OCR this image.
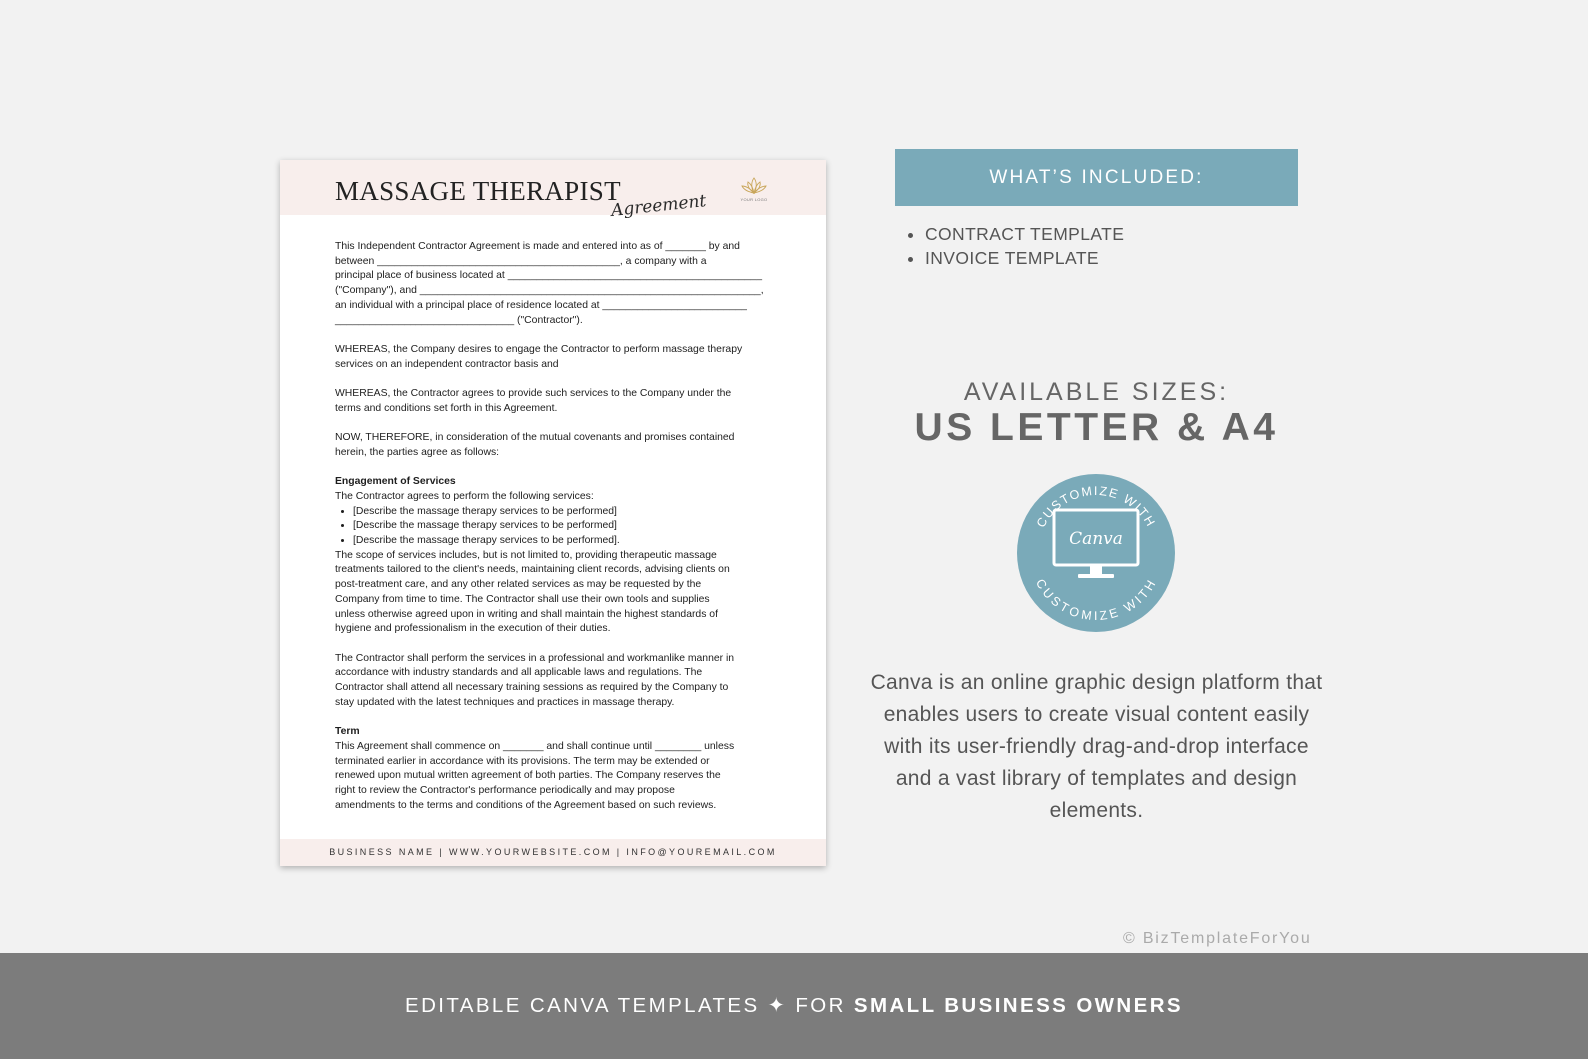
MASSAGE THERAPIST
Agreement	YOUR LOGO

This Independent Contractor Agreement is made and entered into as of _______ by and
between __________________________________________, a company with a
principal place of business located at ____________________________________________
("Company"), and ___________________________________________________________,
an individual with a principal place of residence located at _________________________
_______________________________ ("Contractor").

WHEREAS, the Company desires to engage the Contractor to perform massage therapy
services on an independent contractor basis and

WHEREAS, the Contractor agrees to provide such services to the Company under the
terms and conditions set forth in this Agreement.

NOW, THEREFORE, in consideration of the mutual covenants and promises contained
herein, the parties agree as follows:

Engagement of Services
The Contractor agrees to perform the following services:
• [Describe the massage therapy services to be performed]
• [Describe the massage therapy services to be performed]
• [Describe the massage therapy services to be performed].

The scope of services includes, but is not limited to, providing therapeutic massage
treatments tailored to the client's needs, maintaining client records, advising clients on
post-treatment care, and any other related services as may be requested by the
Company from time to time. The Contractor shall use their own tools and supplies
unless otherwise agreed upon in writing and shall maintain the highest standards of
hygiene and professionalism in the execution of their duties.

The Contractor shall perform the services in a professional and workmanlike manner in
accordance with industry standards and all applicable laws and regulations. The
Contractor shall attend all necessary training sessions as required by the Company to
stay updated with the latest techniques and practices in massage therapy.

Term

This Agreement shall commence on _______ and shall continue until ________ unless
terminated earlier in accordance with its provisions. The term may be extended or
renewed upon mutual written agreement of both parties. The Company reserves the
right to review the Contractor's performance periodically and may propose
amendments to the terms and conditions of the Agreement based on such reviews.

BUSINESS NAME | WWW.YOURWEBSITE.COM | INFO@YOUREMAIL.COM
WHAT’S INCLUDED:
• CONTRACT TEMPLATE
• INVOICE TEMPLATE
AVAILABLE SIZES:
US LETTER & A4
CUSTOMIZE WITH
CUSTOMIZE WITH
Canva

Canva is an online graphic design platform that enables users to create visual content easily with its user-friendly drag-and-drop interface and a vast library of templates and design elements.

© BizTemplateForYou
EDITABLE CANVA TEMPLATES ✦ FOR SMALL BUSINESS OWNERS
